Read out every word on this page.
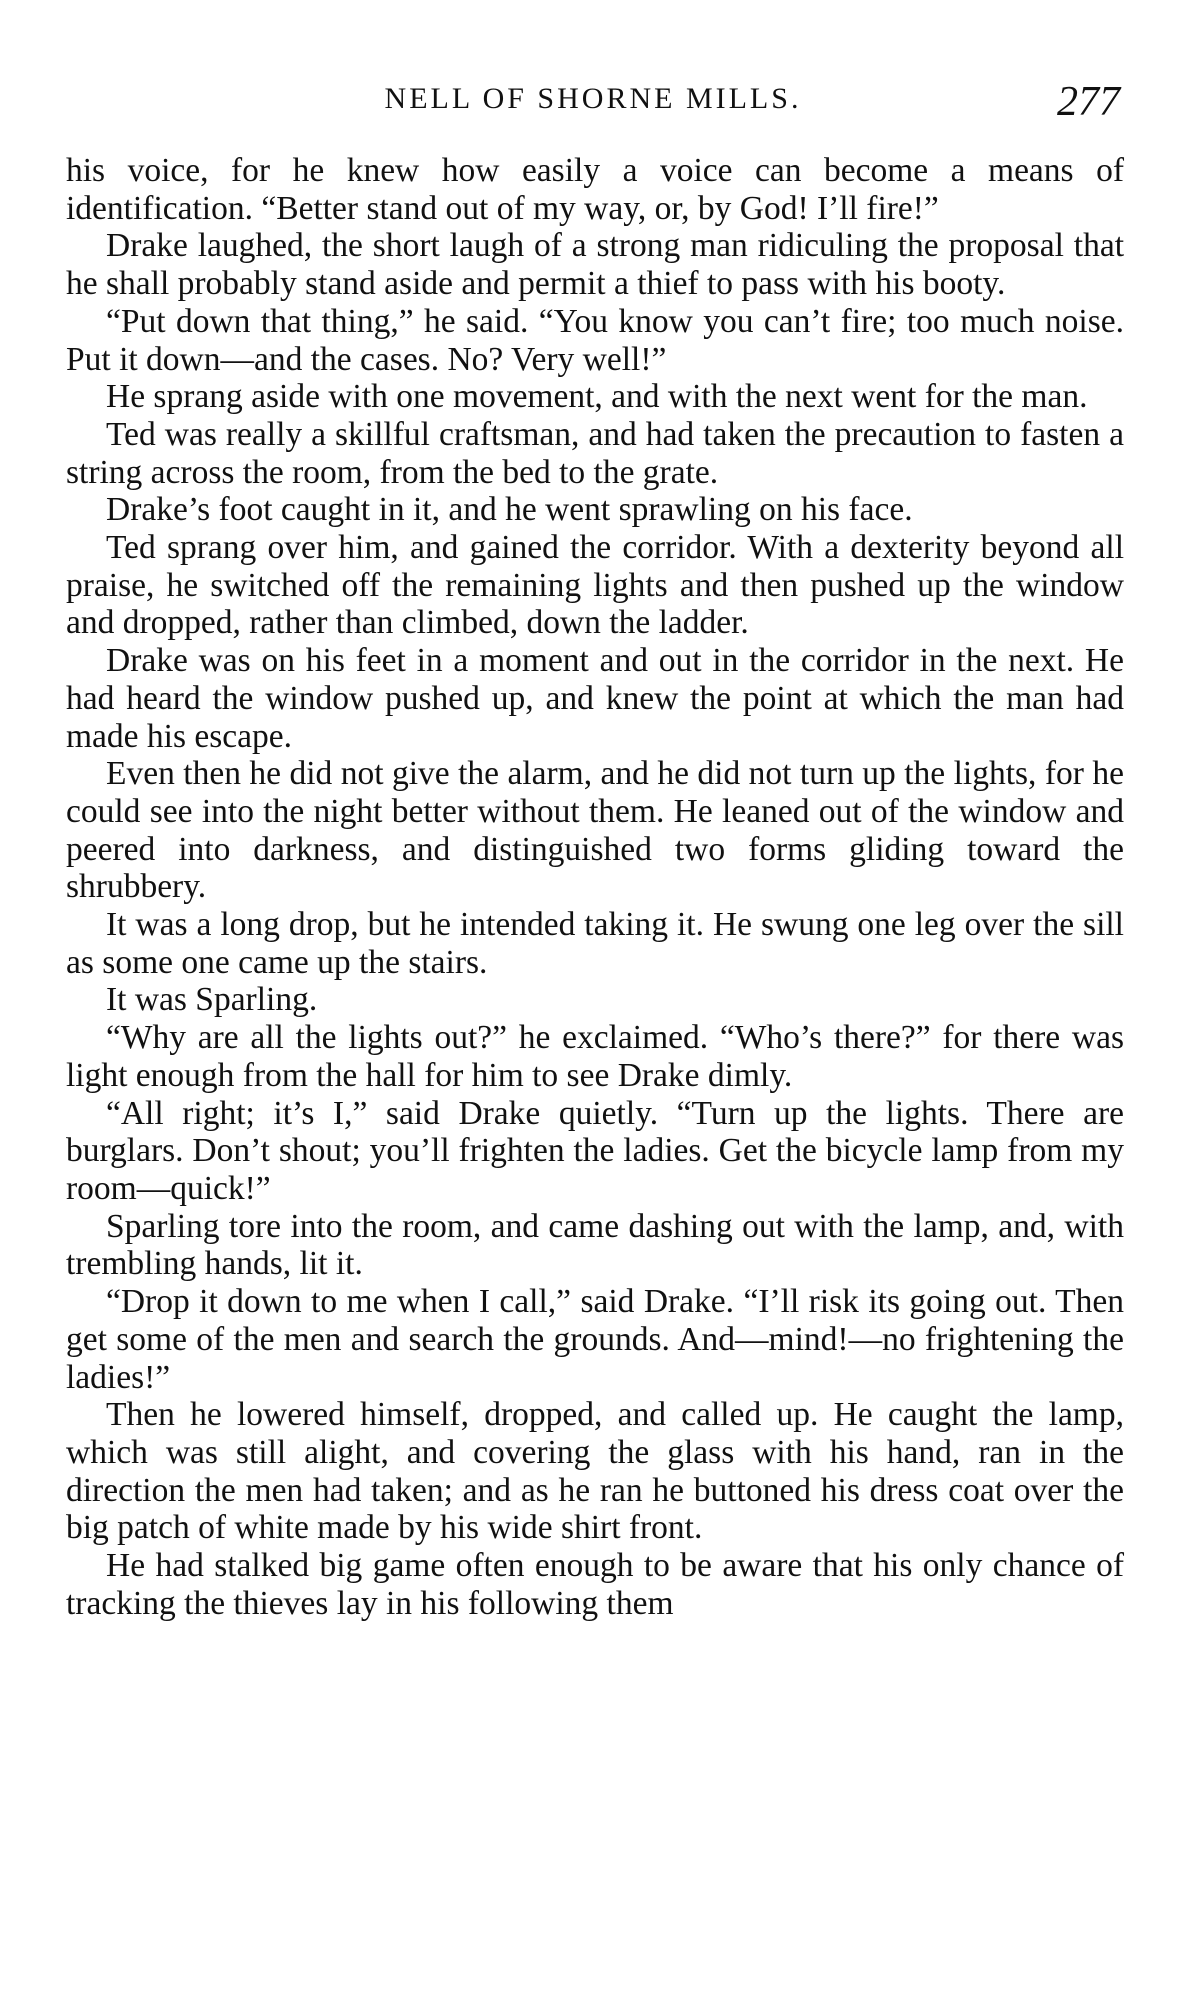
NELL OF SHORNE MILLS.	277

his voice, for he knew how easily a voice can become a means of identification. “Better stand out of my way, or, by God! I’ll fire!”

Drake laughed, the short laugh of a strong man ridiculing the proposal that he shall probably stand aside and permit a thief to pass with his booty.

“Put down that thing,” he said. “You know you can’t fire; too much noise. Put it down—and the cases. No? Very well!”

He sprang aside with one movement, and with the next went for the man.

Ted was really a skillful craftsman, and had taken the precaution to fasten a string across the room, from the bed to the grate.

Drake’s foot caught in it, and he went sprawling on his face.

Ted sprang over him, and gained the corridor. With a dexterity beyond all praise, he switched off the remaining lights and then pushed up the window and dropped, rather than climbed, down the ladder.

Drake was on his feet in a moment and out in the corridor in the next. He had heard the window pushed up, and knew the point at which the man had made his escape.

Even then he did not give the alarm, and he did not turn up the lights, for he could see into the night better without them. He leaned out of the window and peered into darkness, and distinguished two forms gliding toward the shrubbery.

It was a long drop, but he intended taking it. He swung one leg over the sill as some one came up the stairs.

It was Sparling.

“Why are all the lights out?” he exclaimed. “Who’s there?” for there was light enough from the hall for him to see Drake dimly.

“All right; it’s I,” said Drake quietly. “Turn up the lights. There are burglars. Don’t shout; you’ll frighten the ladies. Get the bicycle lamp from my room—quick!”

Sparling tore into the room, and came dashing out with the lamp, and, with trembling hands, lit it.

“Drop it down to me when I call,” said Drake. “I’ll risk its going out. Then get some of the men and search the grounds. And—mind!—no frightening the ladies!”

Then he lowered himself, dropped, and called up. He caught the lamp, which was still alight, and covering the glass with his hand, ran in the direction the men had taken; and as he ran he buttoned his dress coat over the big patch of white made by his wide shirt front.

He had stalked big game often enough to be aware that his only chance of tracking the thieves lay in his following them
